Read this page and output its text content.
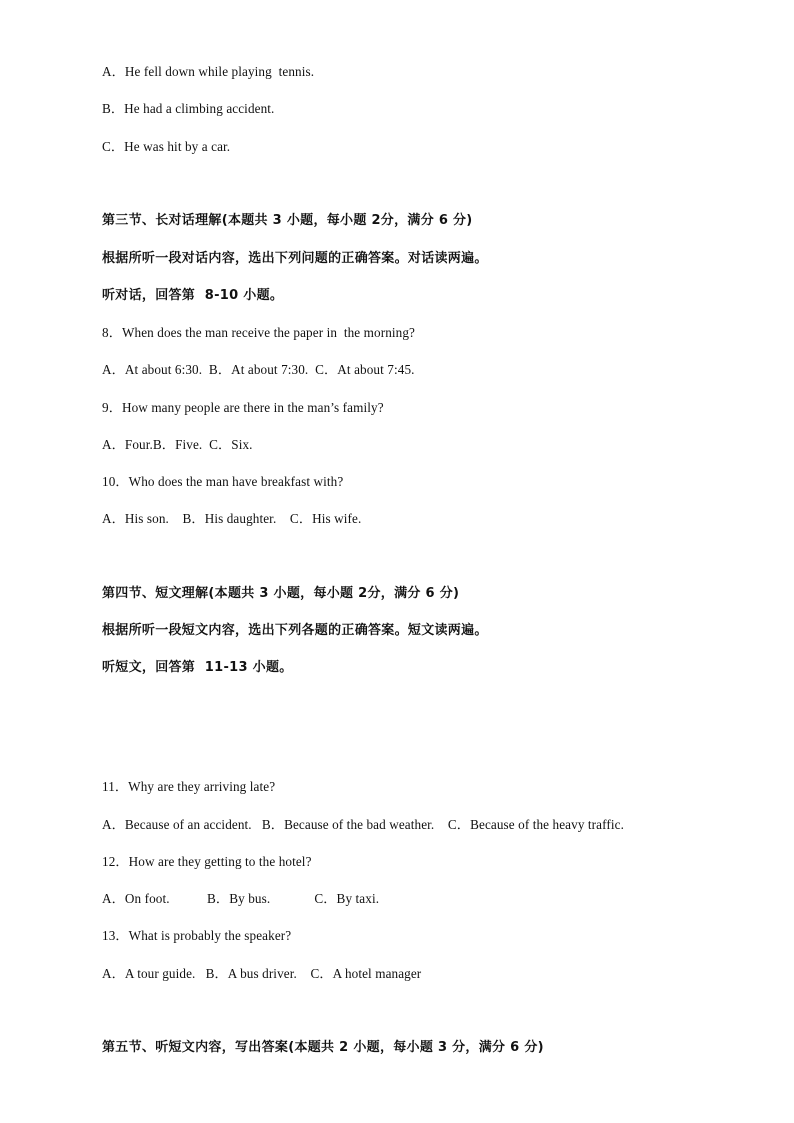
A．He fell down while playing  tennis.
B．He had a climbing accident.
C．He was hit by a car.
第三节、长对话理解(本题共 3 小题，每小题 2分，满分 6 分)
根据所听一段对话内容，选出下列问题的正确答案。对话读两遍。
听对话，回答第  8-10 小题。
8．When does the man receive the paper in  the morning?
A．At about 6:30.  B．At about 7:30.  C．At about 7:45.
9．How many people are there in the man’s family?
A．Four.B．Five.  C．Six.
10．Who does the man have breakfast with?
A．His son.    B．His daughter.    C．His wife.
第四节、短文理解(本题共 3 小题，每小题 2分，满分 6 分)
根据所听一段短文内容，选出下列各题的正确答案。短文读两遍。
听短文，回答第  11-13 小题。
11．Why are they arriving late?
A．Because of an accident.   B．Because of the bad weather.    C．Because of the heavy traffic.
12．How are they getting to the hotel?
A．On foot.           B．By bus.             C．By taxi.
13．What is probably the speaker?
A．A tour guide.   B．A bus driver.    C．A hotel manager
第五节、听短文内容，写出答案(本题共 2 小题，每小题 3 分，满分 6 分)
